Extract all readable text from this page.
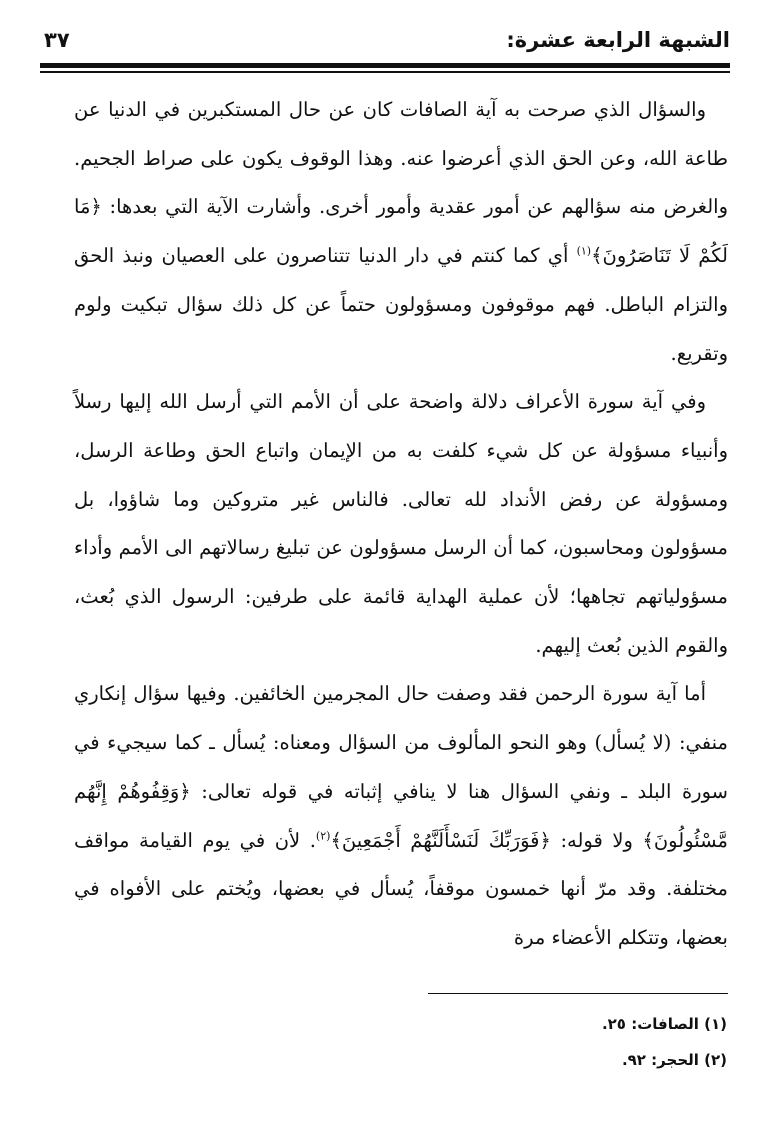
الشبهة الرابعة عشرة:
٣٧

والسؤال الذي صرحت به آية الصافات كان عن حال المستكبرين في الدنيا عن طاعة الله، وعن الحق الذي أعرضوا عنه. وهذا الوقوف يكون على صراط الجحيم. والغرض منه سؤالهم عن أمور عقدية وأمور أخرى. وأشارت الآية التي بعدها: ﴿مَا لَكُمْ لَا تَنَاصَرُونَ﴾$^{(١)}$ أي كما كنتم في دار الدنيا تتناصرون على العصيان ونبذ الحق والتزام الباطل. فهم موقوفون ومسؤولون حتماً عن كل ذلك سؤال تبكيت ولوم وتقريع.

وفي آية سورة الأعراف دلالة واضحة على أن الأمم التي أرسل الله إليها رسلاً وأنبياء مسؤولة عن كل شيء كلفت به من الإيمان واتباع الحق وطاعة الرسل، ومسؤولة عن رفض الأنداد لله تعالى. فالناس غير متروكين وما شاؤوا، بل مسؤولون ومحاسبون، كما أن الرسل مسؤولون عن تبليغ رسالاتهم الى الأمم وأداء مسؤولياتهم تجاهها؛ لأن عملية الهداية قائمة على طرفين: الرسول الذي بُعث، والقوم الذين بُعث إليهم.

أما آية سورة الرحمن فقد وصفت حال المجرمين الخائفين. وفيها سؤال إنكاري منفي: (لا يُسأل) وهو النحو المألوف من السؤال ومعناه: يُسأل ـ كما سيجيء في سورة البلد ـ ونفي السؤال هنا لا ينافي إثباته في قوله تعالى: ﴿وَقِفُوهُمْ إِنَّهُم مَّسْئُولُونَ﴾ ولا قوله: ﴿فَوَرَبِّكَ لَنَسْأَلَنَّهُمْ أَجْمَعِينَ﴾$^{(٢)}$. لأن في يوم القيامة مواقف مختلفة. وقد مرّ أنها خمسون موقفاً، يُسأل في بعضها، ويُختم على الأفواه في بعضها، وتتكلم الأعضاء مرة

(١) الصافات: ٢٥.
(٢) الحجر: ٩٢.
